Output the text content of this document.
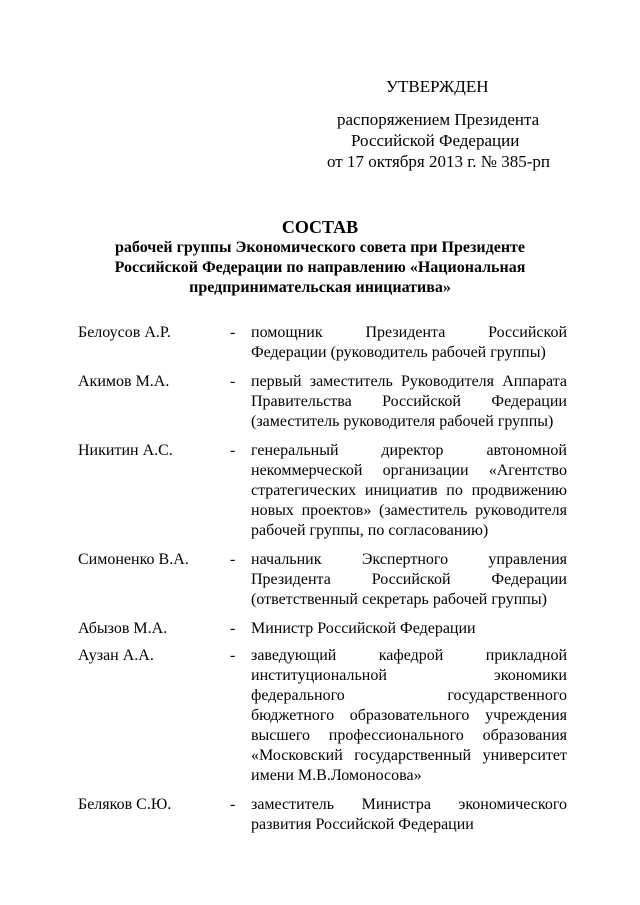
УТВЕРЖДЕН
распоряжением Президента
Российской Федерации
от 17 октября 2013 г. № 385-рп
СОСТАВ
рабочей группы Экономического совета при Президенте
Российской Федерации по направлению «Национальная
предпринимательская инициатива»
Белоусов А.Р.	- помощник Президента Российской
Федерации (руководитель рабочей группы)
Акимов М.А.	- первый заместитель Руководителя Аппарата
Правительства Российской Федерации
(заместитель руководителя рабочей группы)
Никитин А.С.	- генеральный директор автономной
некоммерческой организации «Агентство
стратегических инициатив по продвижению
новых проектов» (заместитель руководителя
рабочей группы, по согласованию)
Симоненко В.А.	- начальник Экспертного управления
Президента Российской Федерации
(ответственный секретарь рабочей группы)
Абызов М.А.	- Министр Российской Федерации
Аузан А.А.	- заведующий кафедрой прикладной
институциональной экономики
федерального государственного
бюджетного образовательного учреждения
высшего профессионального образования
«Московский государственный университет
имени М.В.Ломоносова»
Беляков С.Ю.	- заместитель Министра экономического
развития Российской Федерации
